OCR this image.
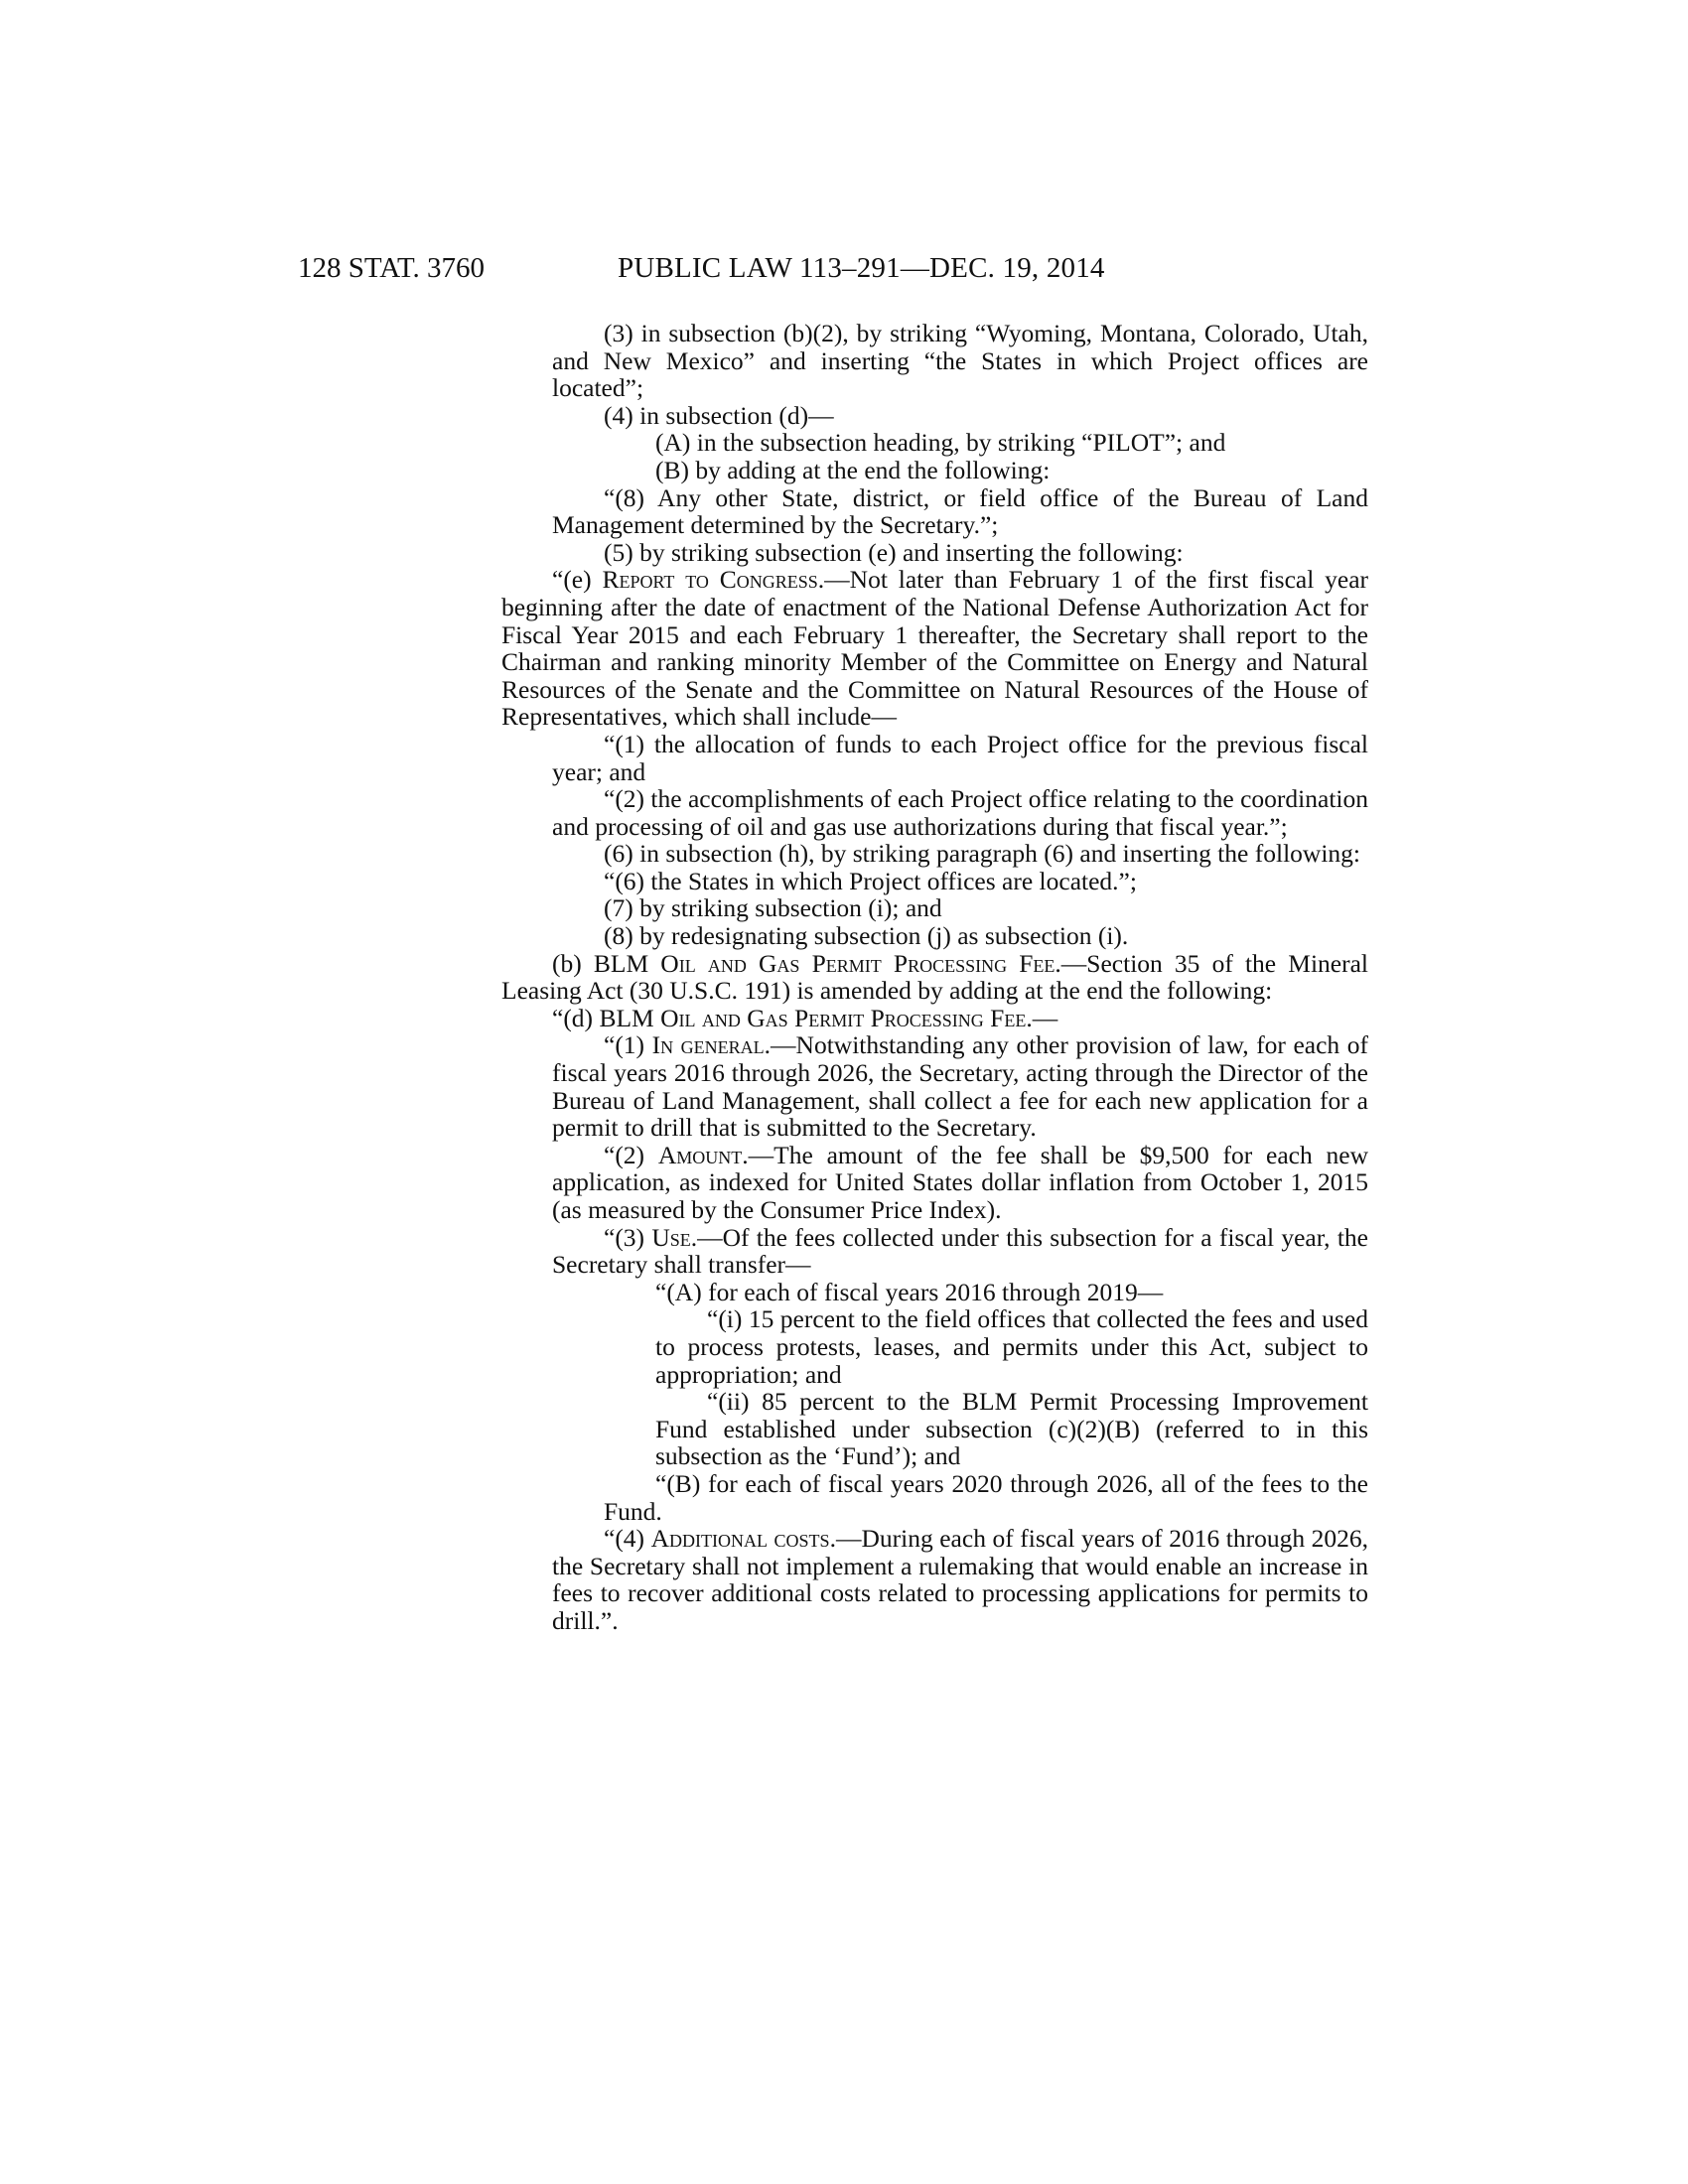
128 STAT. 3760	PUBLIC LAW 113–291—DEC. 19, 2014

(3) in subsection (b)(2), by striking “Wyoming, Montana, Colorado, Utah, and New Mexico” and inserting “the States in which Project offices are located”;

(4) in subsection (d)—

(A) in the subsection heading, by striking “PILOT”; and

(B) by adding at the end the following:

“(8) Any other State, district, or field office of the Bureau of Land Management determined by the Secretary.”;

(5) by striking subsection (e) and inserting the following:

“(e) Report to Congress.—Not later than February 1 of the first fiscal year beginning after the date of enactment of the National Defense Authorization Act for Fiscal Year 2015 and each February 1 thereafter, the Secretary shall report to the Chairman and ranking minority Member of the Committee on Energy and Natural Resources of the Senate and the Committee on Natural Resources of the House of Representatives, which shall include—

“(1) the allocation of funds to each Project office for the previous fiscal year; and

“(2) the accomplishments of each Project office relating to the coordination and processing of oil and gas use authorizations during that fiscal year.”;

(6) in subsection (h), by striking paragraph (6) and inserting the following:

“(6) the States in which Project offices are located.”;

(7) by striking subsection (i); and

(8) by redesignating subsection (j) as subsection (i).

(b) BLM Oil and Gas Permit Processing Fee.—Section 35 of the Mineral Leasing Act (30 U.S.C. 191) is amended by adding at the end the following:

“(d) BLM Oil and Gas Permit Processing Fee.—

“(1) In general.—Notwithstanding any other provision of law, for each of fiscal years 2016 through 2026, the Secretary, acting through the Director of the Bureau of Land Management, shall collect a fee for each new application for a permit to drill that is submitted to the Secretary.

“(2) Amount.—The amount of the fee shall be $9,500 for each new application, as indexed for United States dollar inflation from October 1, 2015 (as measured by the Consumer Price Index).

“(3) Use.—Of the fees collected under this subsection for a fiscal year, the Secretary shall transfer—

“(A) for each of fiscal years 2016 through 2019—

“(i) 15 percent to the field offices that collected the fees and used to process protests, leases, and permits under this Act, subject to appropriation; and

“(ii) 85 percent to the BLM Permit Processing Improvement Fund established under subsection (c)(2)(B) (referred to in this subsection as the ‘Fund’); and

“(B) for each of fiscal years 2020 through 2026, all of the fees to the Fund.

“(4) Additional costs.—During each of fiscal years of 2016 through 2026, the Secretary shall not implement a rulemaking that would enable an increase in fees to recover additional costs related to processing applications for permits to drill.”.
